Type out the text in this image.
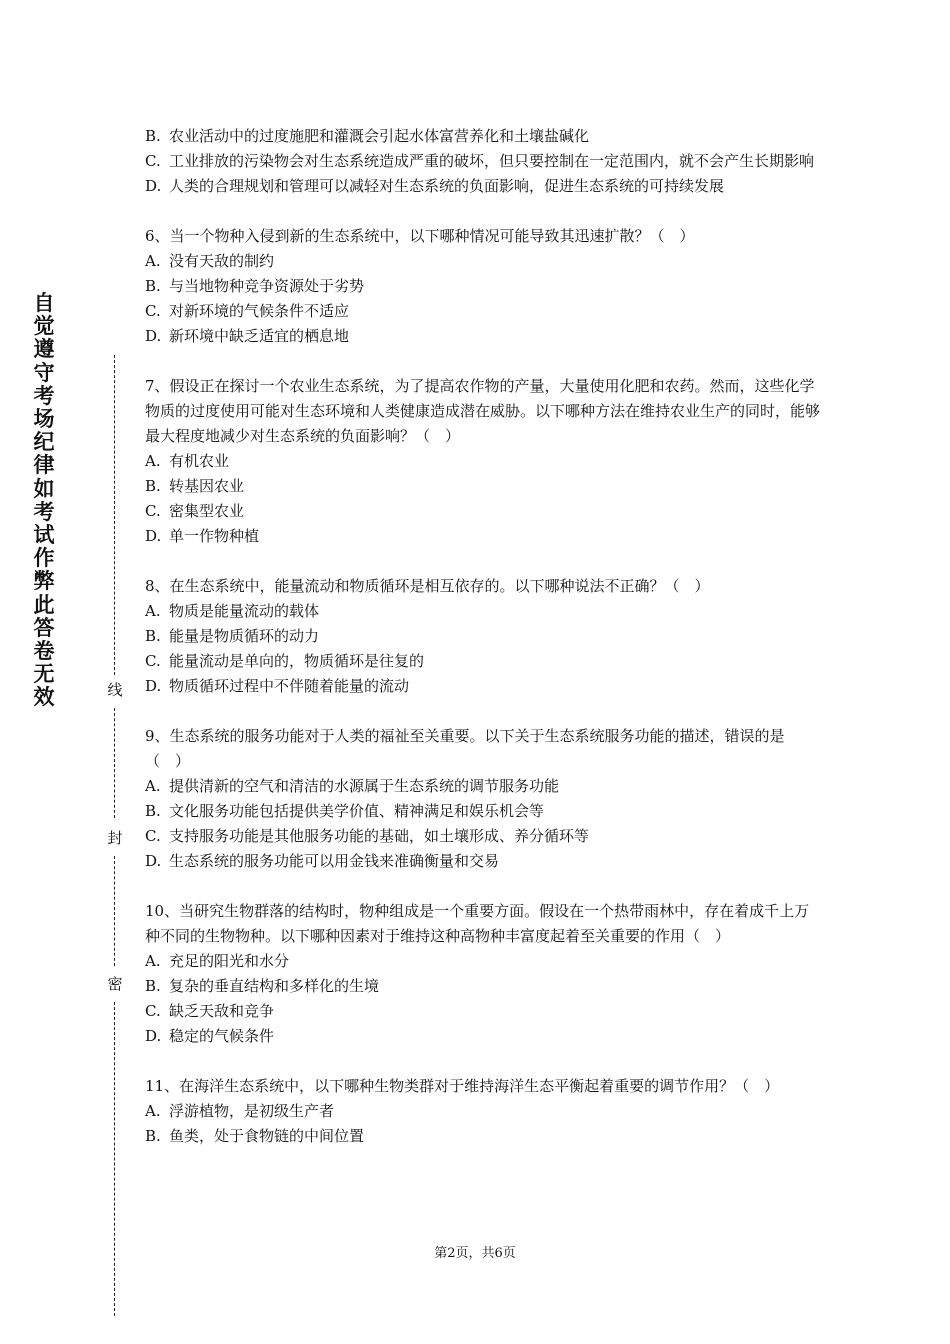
自觉遵守考场纪律如考试作弊此答卷无效	线
封
密

B. 农业活动中的过度施肥和灌溉会引起水体富营养化和土壤盐碱化

C. 工业排放的污染物会对生态系统造成严重的破坏，但只要控制在一定范围内，就不会产生长期影响

D. 人类的合理规划和管理可以减轻对生态系统的负面影响，促进生态系统的可持续发展

6、当一个物种入侵到新的生态系统中，以下哪种情况可能导致其迅速扩散？（　）

A. 没有天敌的制约

B. 与当地物种竞争资源处于劣势

C. 对新环境的气候条件不适应

D. 新环境中缺乏适宜的栖息地

7、假设正在探讨一个农业生态系统，为了提高农作物的产量，大量使用化肥和农药。然而，这些化学物质的过度使用可能对生态环境和人类健康造成潜在威胁。以下哪种方法在维持农业生产的同时，能够最大程度地减少对生态系统的负面影响？（　）

A. 有机农业

B. 转基因农业

C. 密集型农业

D. 单一作物种植

8、在生态系统中，能量流动和物质循环是相互依存的。以下哪种说法不正确？（　）

A. 物质是能量流动的载体

B. 能量是物质循环的动力

C. 能量流动是单向的，物质循环是往复的

D. 物质循环过程中不伴随着能量的流动

9、生态系统的服务功能对于人类的福祉至关重要。以下关于生态系统服务功能的描述，错误的是（　）

A. 提供清新的空气和清洁的水源属于生态系统的调节服务功能

B. 文化服务功能包括提供美学价值、精神满足和娱乐机会等

C. 支持服务功能是其他服务功能的基础，如土壤形成、养分循环等

D. 生态系统的服务功能可以用金钱来准确衡量和交易

10、当研究生物群落的结构时，物种组成是一个重要方面。假设在一个热带雨林中，存在着成千上万种不同的生物物种。以下哪种因素对于维持这种高物种丰富度起着至关重要的作用（　）

A. 充足的阳光和水分

B. 复杂的垂直结构和多样化的生境

C. 缺乏天敌和竞争

D. 稳定的气候条件

11、在海洋生态系统中，以下哪种生物类群对于维持海洋生态平衡起着重要的调节作用？（　）

A. 浮游植物，是初级生产者

B. 鱼类，处于食物链的中间位置

第2页，共6页
